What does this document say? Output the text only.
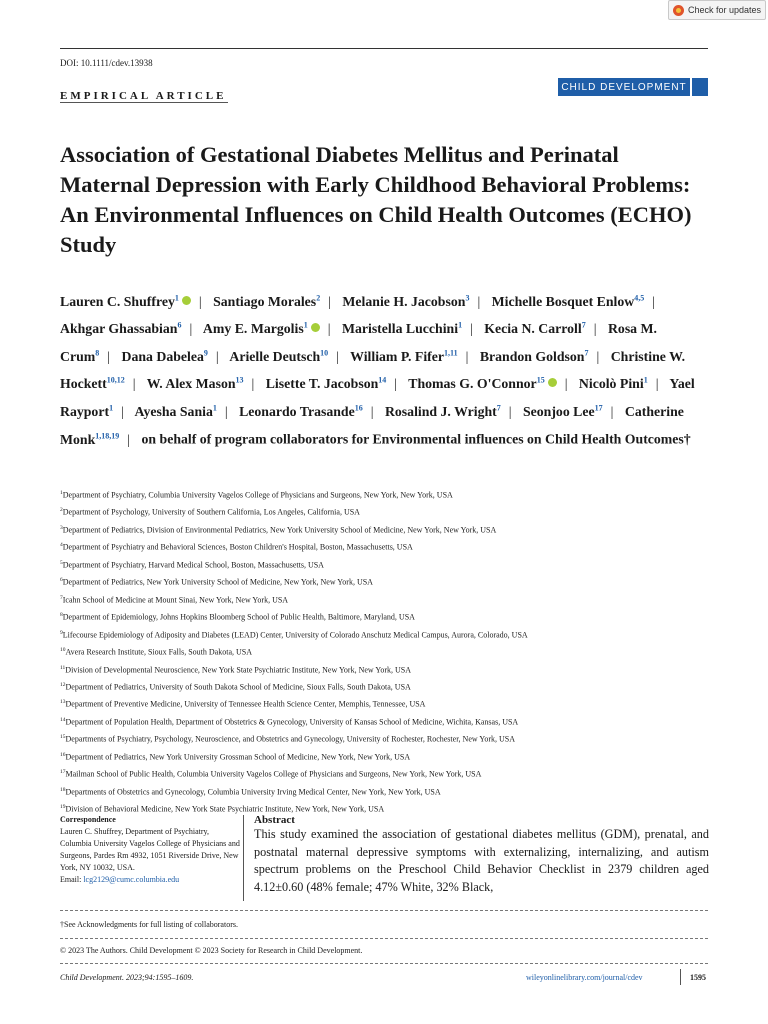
Check for updates
DOI: 10.1111/cdev.13938
EMPIRICAL ARTICLE
CHILD DEVELOPMENT
Association of Gestational Diabetes Mellitus and Perinatal Maternal Depression with Early Childhood Behavioral Problems: An Environmental Influences on Child Health Outcomes (ECHO) Study
Lauren C. Shuffrey$^1$ | Santiago Morales$^2$ | Melanie H. Jacobson$^3$ | Michelle Bosquet Enlow$^{4,5}$ | Akhgar Ghassabian$^6$ | Amy E. Margolis$^1$ | Maristella Lucchini$^1$ | Kecia N. Carroll$^7$ | Rosa M. Crum$^8$ | Dana Dabelea$^9$ | Arielle Deutsch$^{10}$ | William P. Fifer$^{1,11}$ | Brandon Goldson$^7$ | Christine W. Hockett$^{10,12}$ | W. Alex Mason$^{13}$ | Lisette T. Jacobson$^{14}$ | Thomas G. O'Connor$^{15}$ | Nicolò Pini$^1$ | Yael Rayport$^1$ | Ayesha Sania$^1$ | Leonardo Trasande$^{16}$ | Rosalind J. Wright$^7$ | Seonjoo Lee$^{17}$ | Catherine Monk$^{1,18,19}$ | on behalf of program collaborators for Environmental influences on Child Health Outcomes†
$^1$Department of Psychiatry, Columbia University Vagelos College of Physicians and Surgeons, New York, New York, USA
$^2$Department of Psychology, University of Southern California, Los Angeles, California, USA
$^3$Department of Pediatrics, Division of Environmental Pediatrics, New York University School of Medicine, New York, New York, USA
$^4$Department of Psychiatry and Behavioral Sciences, Boston Children's Hospital, Boston, Massachusetts, USA
$^5$Department of Psychiatry, Harvard Medical School, Boston, Massachusetts, USA
$^6$Department of Pediatrics, New York University School of Medicine, New York, New York, USA
$^7$Icahn School of Medicine at Mount Sinai, New York, New York, USA
$^8$Department of Epidemiology, Johns Hopkins Bloomberg School of Public Health, Baltimore, Maryland, USA
$^9$Lifecourse Epidemiology of Adiposity and Diabetes (LEAD) Center, University of Colorado Anschutz Medical Campus, Aurora, Colorado, USA
$^{10}$Avera Research Institute, Sioux Falls, South Dakota, USA
$^{11}$Division of Developmental Neuroscience, New York State Psychiatric Institute, New York, New York, USA
$^{12}$Department of Pediatrics, University of South Dakota School of Medicine, Sioux Falls, South Dakota, USA
$^{13}$Department of Preventive Medicine, University of Tennessee Health Science Center, Memphis, Tennessee, USA
$^{14}$Department of Population Health, Department of Obstetrics & Gynecology, University of Kansas School of Medicine, Wichita, Kansas, USA
$^{15}$Departments of Psychiatry, Psychology, Neuroscience, and Obstetrics and Gynecology, University of Rochester, Rochester, New York, USA
$^{16}$Department of Pediatrics, New York University Grossman School of Medicine, New York, New York, USA
$^{17}$Mailman School of Public Health, Columbia University Vagelos College of Physicians and Surgeons, New York, New York, USA
$^{18}$Departments of Obstetrics and Gynecology, Columbia University Irving Medical Center, New York, New York, USA
$^{19}$Division of Behavioral Medicine, New York State Psychiatric Institute, New York, New York, USA
Correspondence
Lauren C. Shuffrey, Department of Psychiatry, Columbia University Vagelos College of Physicians and Surgeons, Pardes Rm 4932, 1051 Riverside Drive, New York, NY 10032, USA.
Email: lcg2129@cumc.columbia.edu
Abstract
This study examined the association of gestational diabetes mellitus (GDM), prenatal, and postnatal maternal depressive symptoms with externalizing, internalizing, and autism spectrum problems on the Preschool Child Behavior Checklist in 2379 children aged 4.12±0.60 (48% female; 47% White, 32% Black,
†See Acknowledgments for full listing of collaborators.
© 2023 The Authors. Child Development © 2023 Society for Research in Child Development.
Child Development. 2023;94:1595–1609.	wileyonlinelibrary.com/journal/cdev	1595
